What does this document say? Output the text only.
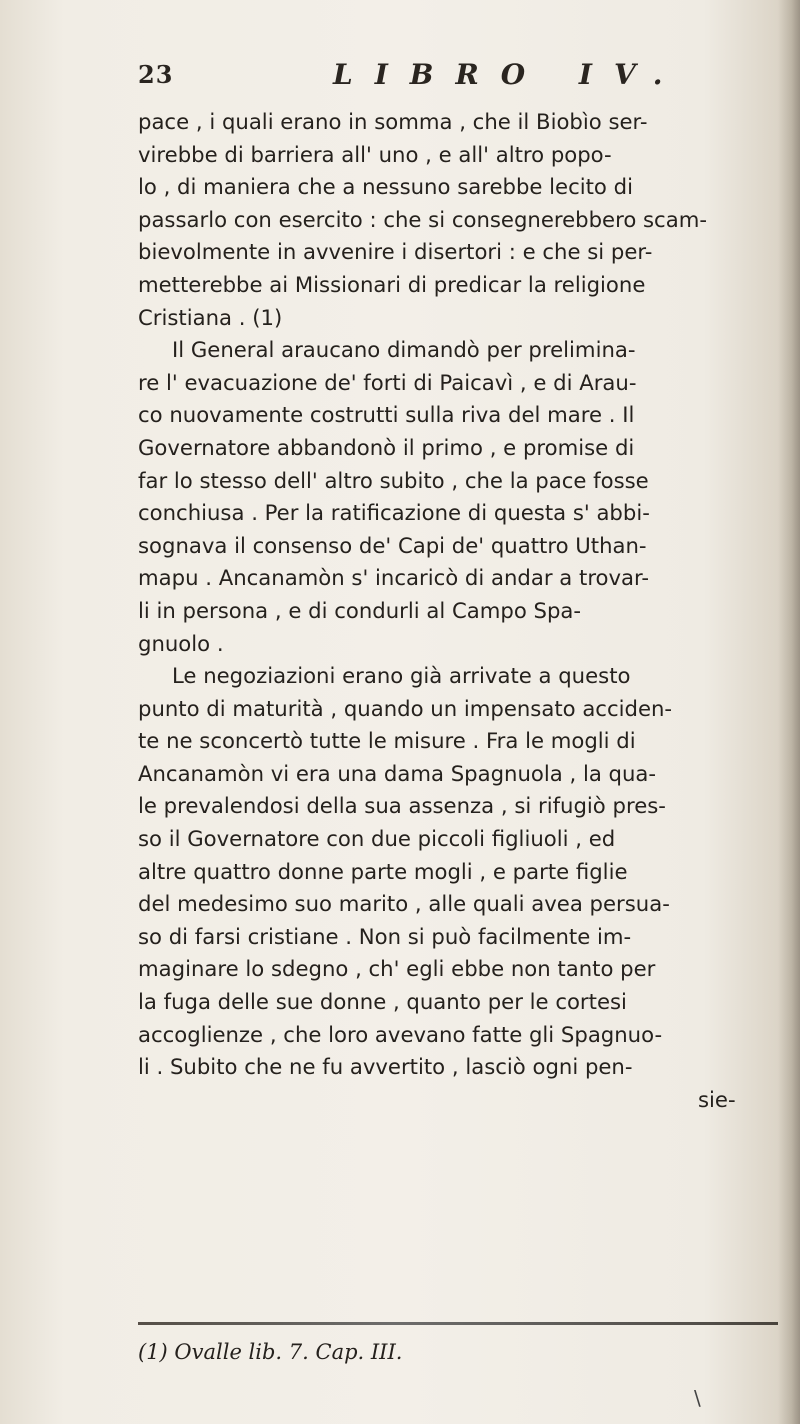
23	LIBRO IV.
pace , i quali erano in somma , che il Biobìo ser-
virebbe di barriera all' uno , e all' altro popo-
lo , di maniera che a nessuno sarebbe lecito di
passarlo con esercito : che si consegnerebbero scam-
bievolmente in avvenire i disertori : e che si per-
metterebbe ai Missionari di predicar la religione
Cristiana . (1)
Il General araucano dimandò per prelimina-
re l' evacuazione de' forti di Paicavì , e di Arau-
co nuovamente costrutti sulla riva del mare . Il
Governatore abbandonò il primo , e promise di
far lo stesso dell' altro subito , che la pace fosse
conchiusa . Per la ratificazione di questa s' abbi-
sognava il consenso de' Capi de' quattro Uthan-
mapu . Ancanamòn s' incaricò di andar a trovar-
li in persona , e di condurli al Campo Spa-
gnuolo .
Le negoziazioni erano già arrivate a questo
punto di maturità , quando un impensato acciden-
te ne sconcertò tutte le misure . Fra le mogli di
Ancanamòn vi era una dama Spagnuola , la qua-
le prevalendosi della sua assenza , si rifugiò pres-
so il Governatore con due piccoli figliuoli , ed
altre quattro donne parte mogli , e parte figlie
del medesimo suo marito , alle quali avea persua-
so di farsi cristiane . Non si può facilmente im-
maginare lo sdegno , ch' egli ebbe non tanto per
la fuga delle sue donne , quanto per le cortesi
accoglienze , che loro avevano fatte gli Spagnuo-
li . Subito che ne fu avvertito , lasciò ogni pen-
sie-
(1) Ovalle lib. 7. Cap. III.
\
